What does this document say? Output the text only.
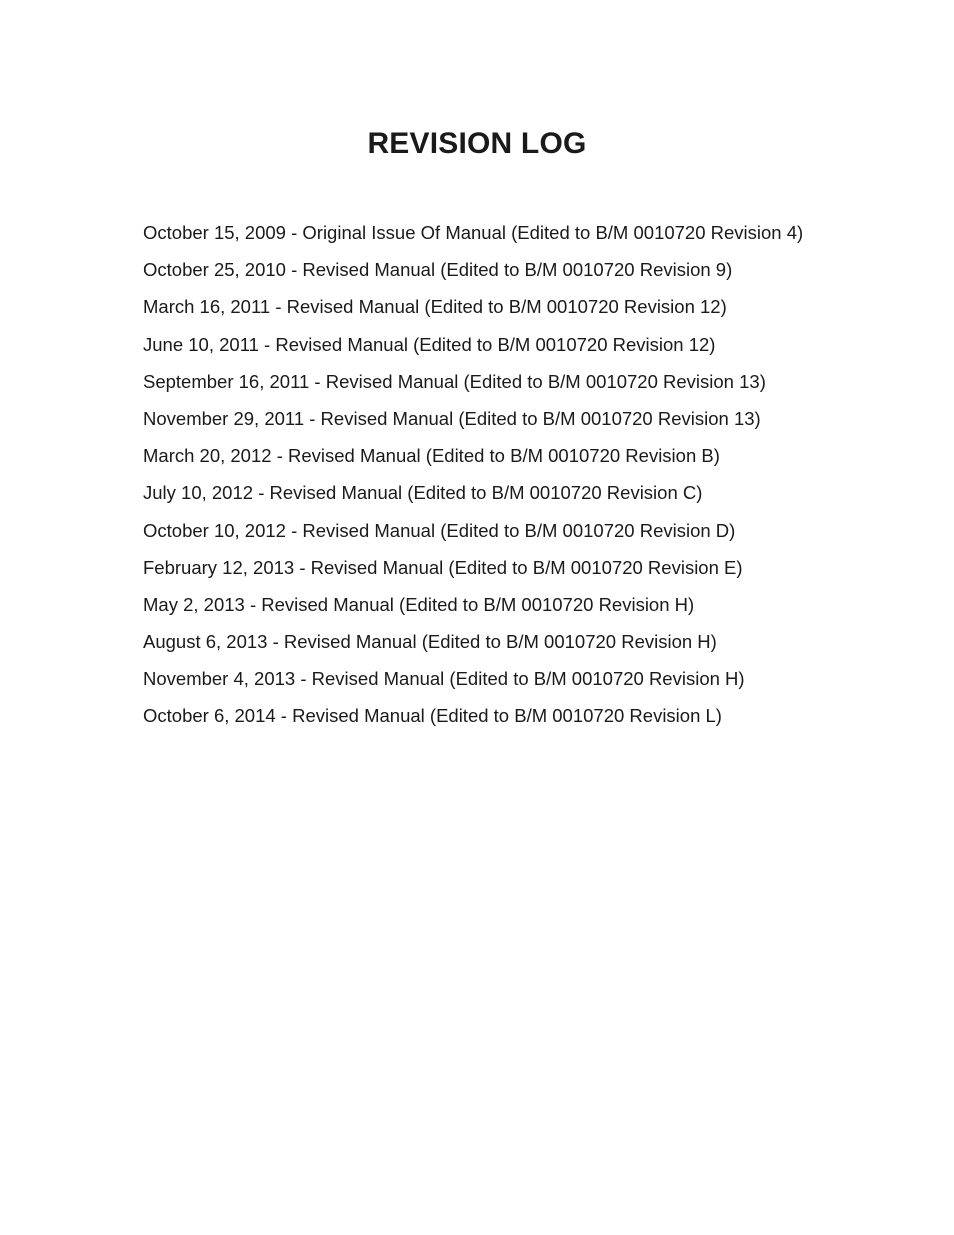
REVISION LOG
October 15, 2009 - Original Issue Of Manual (Edited to B/M 0010720 Revision 4)
October 25, 2010 - Revised Manual (Edited to B/M 0010720 Revision 9)
March 16, 2011 - Revised Manual (Edited to B/M 0010720 Revision 12)
June 10, 2011 - Revised Manual (Edited to B/M 0010720 Revision 12)
September 16, 2011 - Revised Manual (Edited to B/M 0010720 Revision 13)
November 29, 2011 - Revised Manual (Edited to B/M 0010720 Revision 13)
March 20, 2012 - Revised Manual (Edited to B/M 0010720 Revision B)
July 10, 2012 - Revised Manual (Edited to B/M 0010720 Revision C)
October 10, 2012 - Revised Manual (Edited to B/M 0010720 Revision D)
February 12, 2013 - Revised Manual (Edited to B/M 0010720 Revision E)
May 2, 2013 - Revised Manual (Edited to B/M 0010720 Revision H)
August 6, 2013 - Revised Manual (Edited to B/M 0010720 Revision H)
November 4, 2013 - Revised Manual (Edited to B/M 0010720 Revision H)
October 6, 2014 - Revised Manual (Edited to B/M 0010720 Revision L)
